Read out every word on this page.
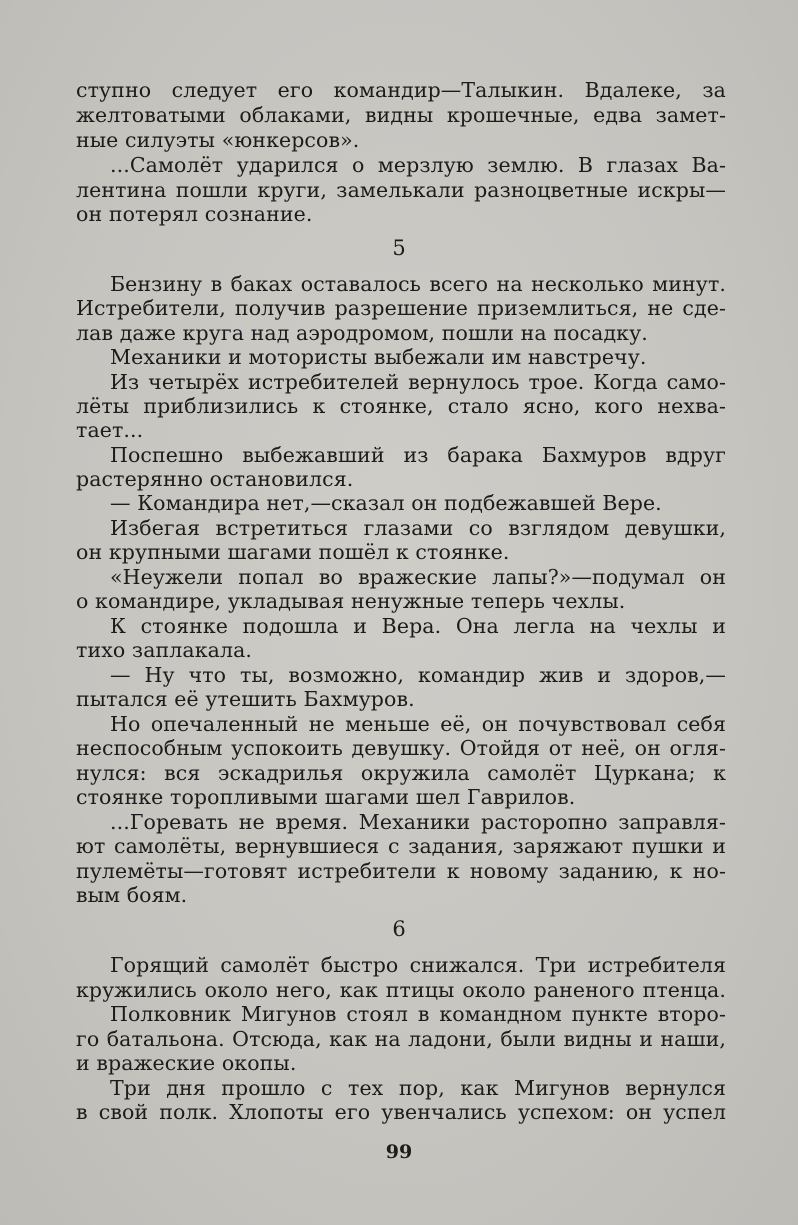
ступно следует его командир—Талыкин. Вдалеке, за
желтоватыми облаками, видны крошечные, едва замет-
ные силуэты «юнкерсов».
...Самолёт ударился о мерзлую землю. В глазах Ва-
лентина пошли круги, замелькали разноцветные искры—
он потерял сознание.
5
Бензину в баках оставалось всего на несколько минут.
Истребители, получив разрешение приземлиться, не сде-
лав даже круга над аэродромом, пошли на посадку.
Механики и мотористы выбежали им навстречу.
Из четырёх истребителей вернулось трое. Когда само-
лёты приблизились к стоянке, стало ясно, кого нехва-
тает...
Поспешно выбежавший из барака Бахмуров вдруг
растерянно остановился.
— Командира нет,—сказал он подбежавшей Вере.
Избегая встретиться глазами со взглядом девушки,
он крупными шагами пошёл к стоянке.
«Неужели попал во вражеские лапы?»—подумал он
о командире, укладывая ненужные теперь чехлы.
К стоянке подошла и Вера. Она легла на чехлы и
тихо заплакала.
— Ну что ты, возможно, командир жив и здоров,—
пытался её утешить Бахмуров.
Но опечаленный не меньше её, он почувствовал себя
неспособным успокоить девушку. Отойдя от неё, он огля-
нулся: вся эскадрилья окружила самолёт Цуркана; к
стоянке торопливыми шагами шел Гаврилов.
...Горевать не время. Механики расторопно заправля-
ют самолёты, вернувшиеся с задания, заряжают пушки и
пулемёты—готовят истребители к новому заданию, к но-
вым боям.
6
Горящий самолёт быстро снижался. Три истребителя
кружились около него, как птицы около раненого птенца.
Полковник Мигунов стоял в командном пункте второ-
го батальона. Отсюда, как на ладони, были видны и наши,
и вражеские окопы.
Три дня прошло с тех пор, как Мигунов вернулся
в свой полк. Хлопоты его увенчались успехом: он успел
99
